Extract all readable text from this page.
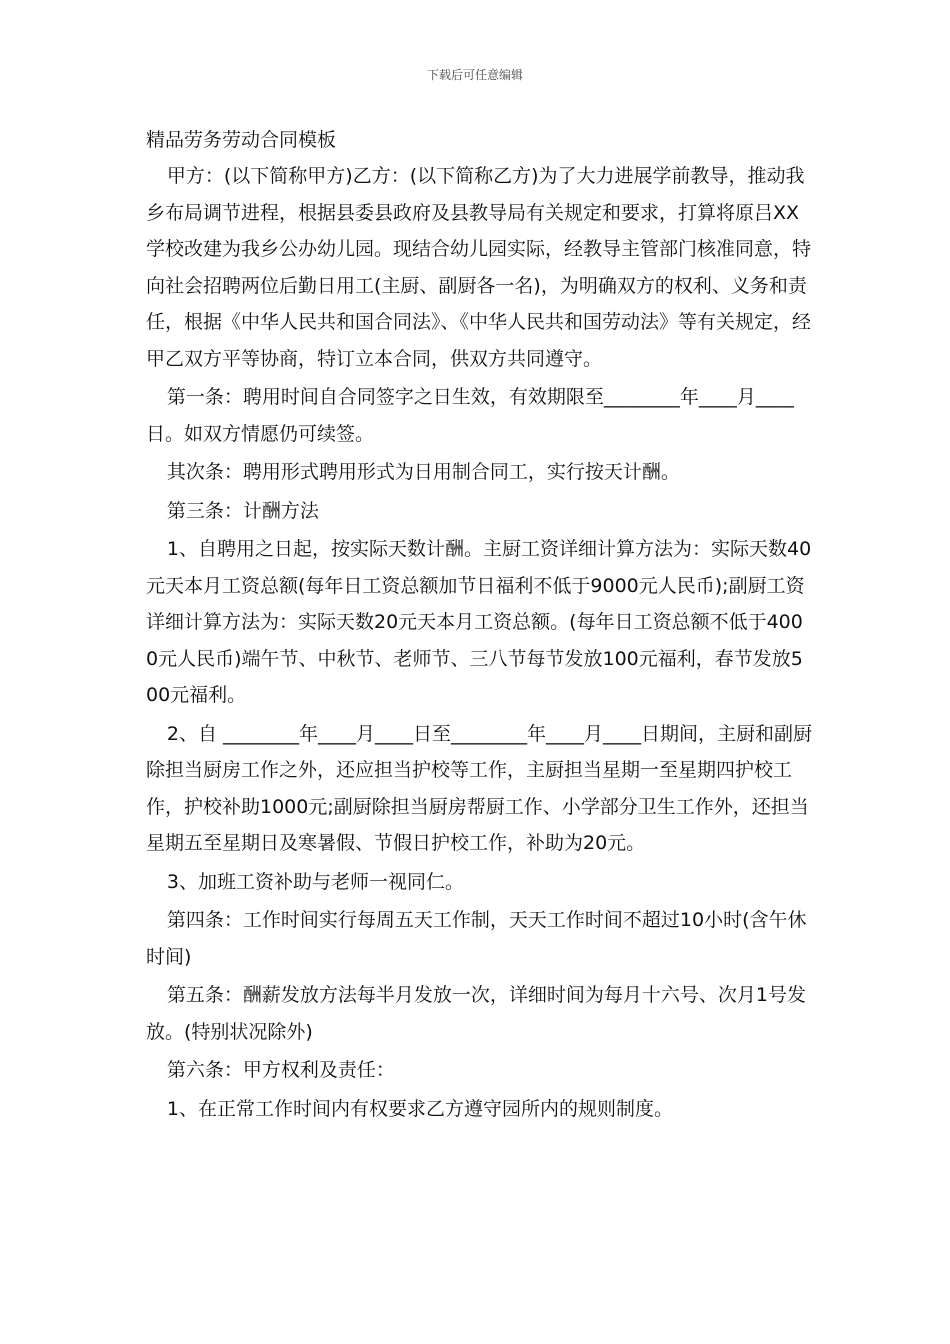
下载后可任意编辑

精品劳务劳动合同模板

甲方：(以下简称甲方)乙方：(以下简称乙方)为了大力进展学前教导，推动我乡布局调节进程，根据县委县政府及县教导局有关规定和要求，打算将原吕XX学校改建为我乡公办幼儿园。现结合幼儿园实际，经教导主管部门核准同意，特向社会招聘两位后勤日用工(主厨、副厨各一名)，为明确双方的权利、义务和责任，根据《中华人民共和国合同法》、《中华人民共和国劳动法》等有关规定，经甲乙双方平等协商，特订立本合同，供双方共同遵守。

第一条：聘用时间自合同签字之日生效，有效期限至________年____月____日。如双方情愿仍可续签。

其次条：聘用形式聘用形式为日用制合同工，实行按天计酬。

第三条：计酬方法

1、自聘用之日起，按实际天数计酬。主厨工资详细计算方法为：实际天数40元天本月工资总额(每年日工资总额加节日福利不低于9000元人民币);副厨工资详细计算方法为：实际天数20元天本月工资总额。(每年日工资总额不低于4000元人民币)端午节、中秋节、老师节、三八节每节发放100元福利，春节发放500元福利。

2、自 ________年____月____日至________年____月____日期间，主厨和副厨除担当厨房工作之外，还应担当护校等工作，主厨担当星期一至星期四护校工作，护校补助1000元;副厨除担当厨房帮厨工作、小学部分卫生工作外，还担当星期五至星期日及寒暑假、节假日护校工作，补助为20元。

3、加班工资补助与老师一视同仁。

第四条：工作时间实行每周五天工作制，天天工作时间不超过10小时(含午休时间)

第五条：酬薪发放方法每半月发放一次，详细时间为每月十六号、次月1号发放。(特别状况除外)

第六条：甲方权利及责任：

1、在正常工作时间内有权要求乙方遵守园所内的规则制度。
